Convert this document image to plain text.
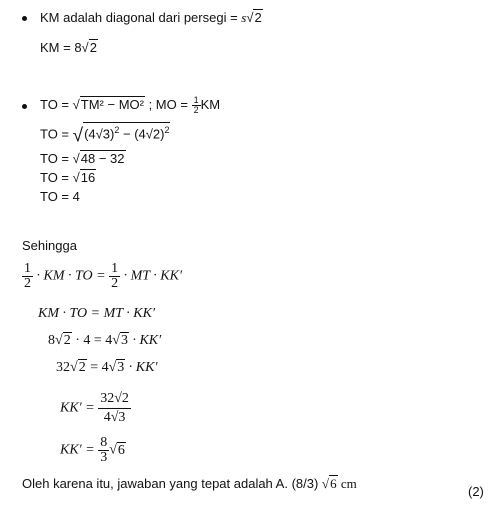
KM adalah diagonal dari persegi = s√2
KM = 8√2
TO = √TM² − MO² ; MO = $\frac{1}{2}$ KM
TO = $√(4√3)^2 - (4√2)^2$
TO = √48 − 32
TO = √16
TO = 4
Sehingga
$\frac{1}{2}$ · KM · TO = $\frac{1}{2}$ · MT · KK′
KM · TO = MT · KK′
8√2 · 4 = 4√3 · KK′
32√2 = 4√3 · KK′
$KK' = \frac{32√2}{4√3}$
$KK' = \frac{8}{3} √6$
Oleh karena itu, jawaban yang tepat adalah A. (8/3) √6 cm
(2)
